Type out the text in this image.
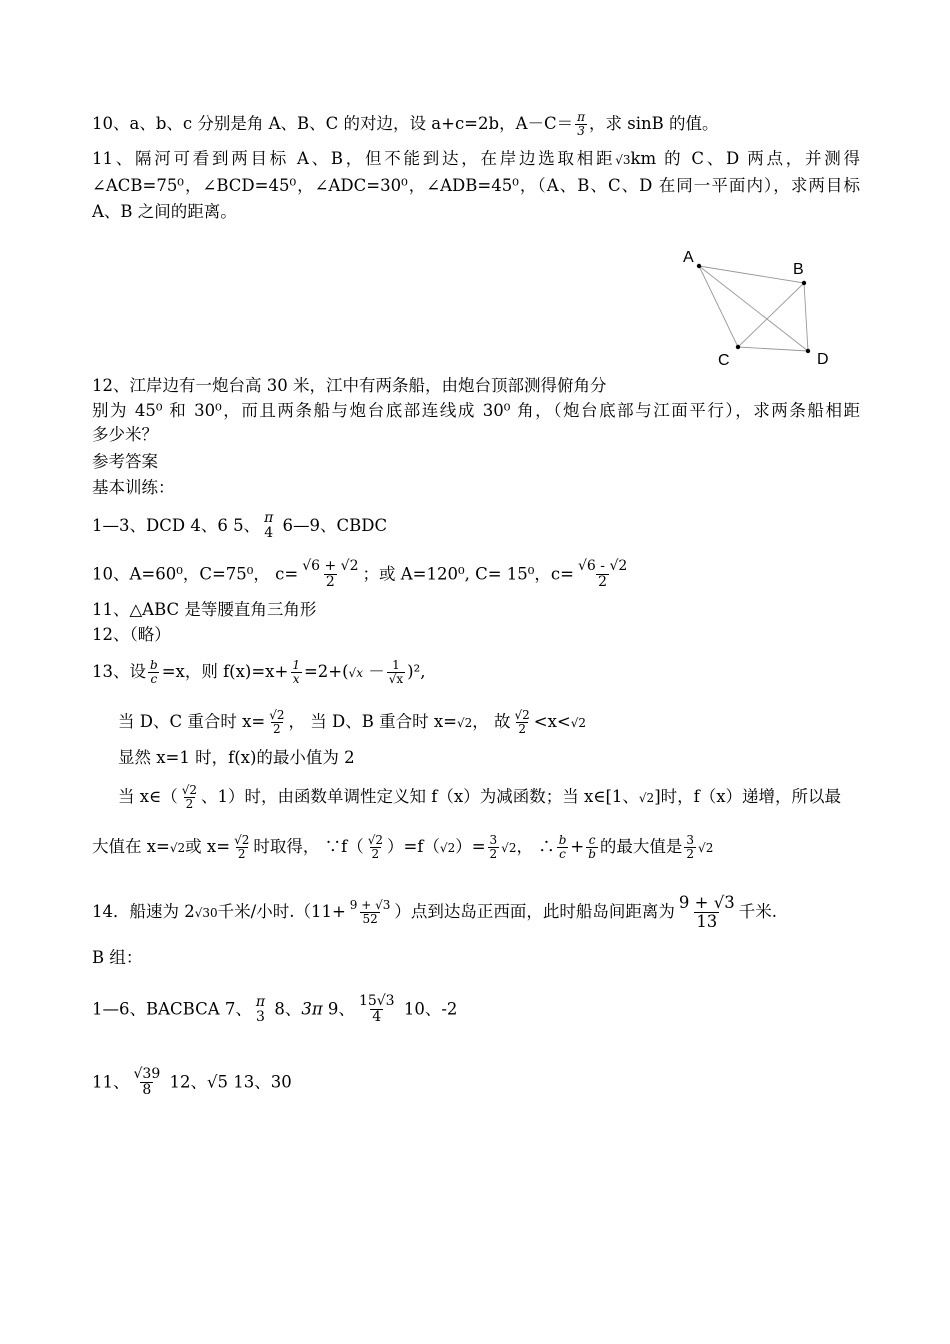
10、a、b、c 分别是角 A、B、C 的对边，设 a+c=2b，$A-C= \frac{\pi}{3}$ ，求 sinB 的值。
11、隔河可看到两目标 A、B，但不能到达，在岸边选取相距√3km 的 C、D 两点，并测得
∠ACB=75⁰，∠BCD=45⁰，∠ADC=30⁰，∠ADB=45⁰，（A、B、C、D 在同一平面内），求两目标
A、B 之间的距离。
A
B
C	D
12、江岸边有一炮台高 30 米，江中有两条船，由炮台顶部测得俯角分
别为 45⁰ 和 30⁰，而且两条船与炮台底部连线成 30⁰ 角，（炮台底部与江面平行），求两条船相距
多少米？
参考答案
基本训练：
1—3、DCD 4、6 5、 π
4 6—9、CBDC
10、A=60⁰，C=75⁰， $c= \frac{√6 + √2}{2}$ ；或 A=120⁰, C= 15⁰，$c= \frac{√6 - √2}{2}$
11、△ABC 是等腰直角三角形
12、（略）
13、设 $\frac{b}{c} =x$，则 $f(x)=x+ \frac{1}{x} =2+(√x - \frac{1}{√x} )^2$,
当 D、C 重合时 $x= \frac{√2}{2}$ ， 当 D、B 重合时 x=√2， 故 $\frac{√2}{2} <x<√2$
显然 x=1 时，f(x)的最小值为 2
当 x∈（ $\frac{√2}{2}$ 、1）时，由函数单调性定义知 f（x）为减函数；当 x∈[1、√2]时，f（x）递增，所以最
大值在 x=√2或 $x= \frac{√2}{2}$ 时取得， ∵f（ $\frac{√2}{2} )=f(√2)= \frac{3}{2} √2$， ∴ $\frac{b}{c} + \frac{c}{b}$ 的最大值是 $\frac{3}{2} √2$
14．船速为 2√30千米/小时$.(11+ \frac{9 + √3}{52}$ ）点到达岛正西面，此时船岛间距离为 $\frac{9 + √3}{13}$ 千米.
B 组：
1—6、BACBCA 7、 π
3 8、3π 9、 $\frac{15√3}{4} 10$、-2
11、 $\frac{√39}{8} 12$、√5 13、30
